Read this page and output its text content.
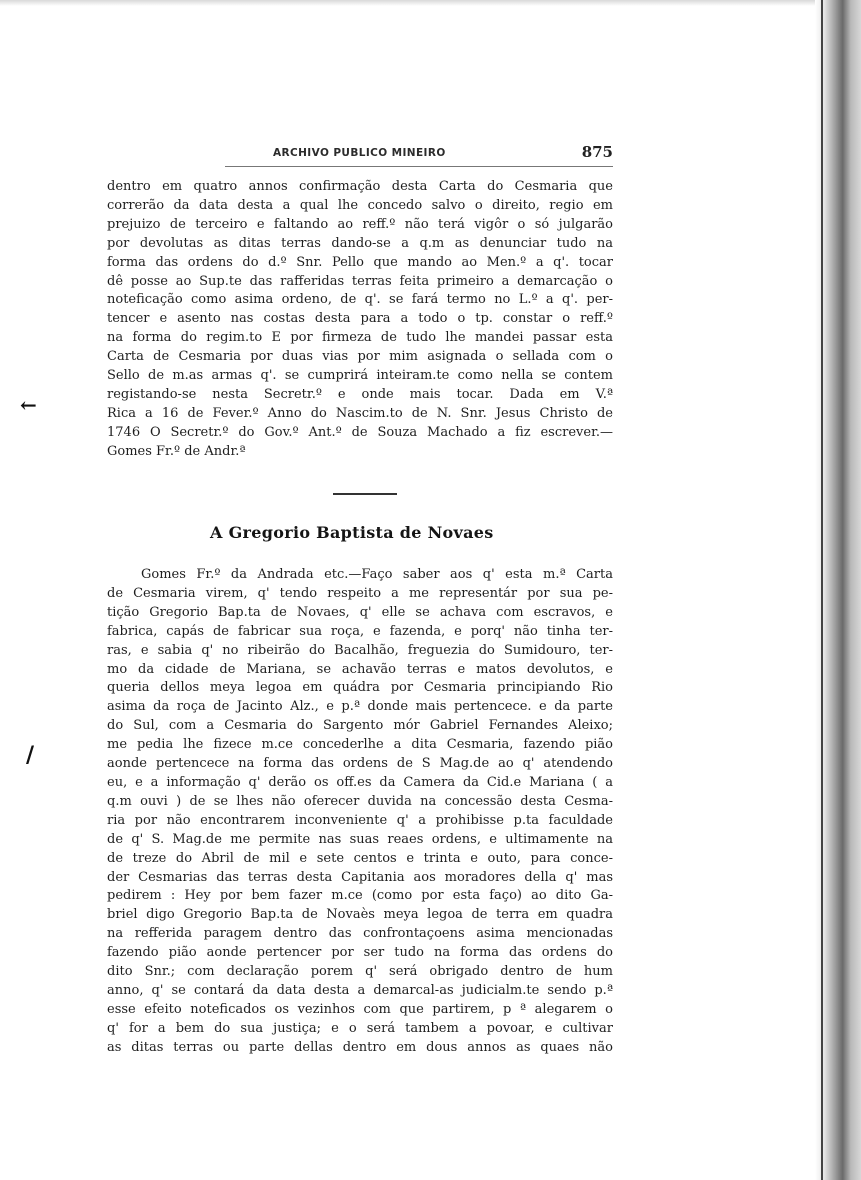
←
/
ARCHIVO PUBLICO MINEIRO	875

dentro em quatro annos confirmação desta Carta do Cesmaria que
correrão da data desta a qual lhe concedo salvo o direito, regio em
prejuizo de terceiro e faltando ao reff.º não terá vigôr o só julgarão
por devolutas as ditas terras dando-se a q.m as denunciar tudo na
forma das ordens do d.º Snr. Pello que mando ao Men.º a q'. tocar
dê posse ao Sup.te das rafferidas terras feita primeiro a demarcação o
noteficação como asima ordeno, de q'. se fará termo no L.º a q'. per-
tencer e asento nas costas desta para a todo o tp. constar o reff.º
na forma do regim.to E por firmeza de tudo lhe mandei passar esta
Carta de Cesmaria por duas vias por mim asignada o sellada com o
Sello de m.as armas q'. se cumprirá inteiram.te como nella se contem
registando-se nesta Secretr.º e onde mais tocar. Dada em V.ª
Rica a 16 de Fever.º Anno do Nascim.to de N. Snr. Jesus Christo de
1746 O Secretr.º do Gov.º Ant.º de Souza Machado a fiz escrever.—
Gomes Fr.º de Andr.ª

A Gregorio Baptista de Novaes

Gomes Fr.º da Andrada etc.—Faço saber aos q' esta m.ª Carta
de Cesmaria virem, q' tendo respeito a me representár por sua pe-
tição Gregorio Bap.ta de Novaes, q' elle se achava com escravos, e
fabrica, capás de fabricar sua roça, e fazenda, e porq' não tinha ter-
ras, e sabia q' no ribeirão do Bacalhão, freguezia do Sumidouro, ter-
mo da cidade de Mariana, se achavão terras e matos devolutos, e
queria dellos meya legoa em quádra por Cesmaria principiando Rio
asima da roça de Jacinto Alz., e p.ª donde mais pertencece. e da parte
do Sul, com a Cesmaria do Sargento mór Gabriel Fernandes Aleixo;
me pedia lhe fizece m.ce concederlhe a dita Cesmaria, fazendo pião
aonde pertencece na forma das ordens de S Mag.de ao q' atendendo
eu, e a informação q' derão os off.es da Camera da Cid.e Mariana ( a
q.m ouvi ) de se lhes não oferecer duvida na concessão desta Cesma-
ria por não encontrarem inconveniente q' a prohibisse p.ta faculdade
de q' S. Mag.de me permite nas suas reaes ordens, e ultimamente na
de treze do Abril de mil e sete centos e trinta e outo, para conce-
der Cesmarias das terras desta Capitania aos moradores della q' mas
pedirem : Hey por bem fazer m.ce (como por esta faço) ao dito Ga-
briel digo Gregorio Bap.ta de Novaès meya legoa de terra em quadra
na refferida paragem dentro das confrontaçoens asima mencionadas
fazendo pião aonde pertencer por ser tudo na forma das ordens do
dito Snr.; com declaração porem q' será obrigado dentro de hum
anno, q' se contará da data desta a demarcal-as judicialm.te sendo p.ª
esse efeito noteficados os vezinhos com que partirem, p ª alegarem o
q' for a bem do sua justiça; e o será tambem a povoar, e cultivar
as ditas terras ou parte dellas dentro em dous annos as quaes não
